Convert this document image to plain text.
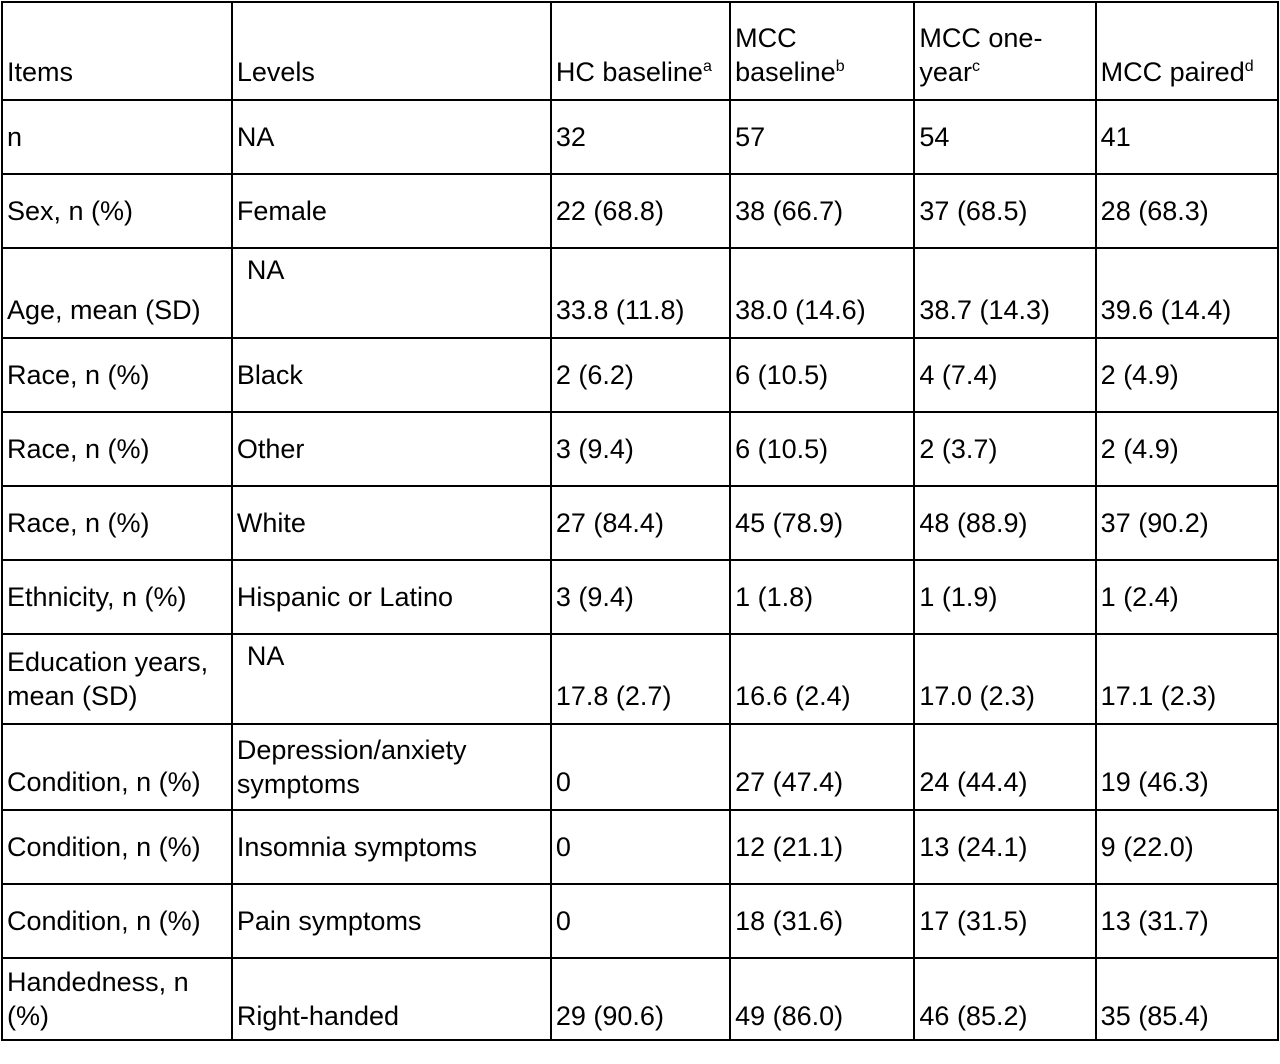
Items	Levels	HC baseline$^a$	MCC baseline$^b$	MCC one-year$^c$	MCC paired$^d$
n	NA	32	57	54	41
Sex, n (%)	Female	22 (68.8)	38 (66.7)	37 (68.5)	28 (68.3)
Age, mean (SD)	NA	33.8 (11.8)	38.0 (14.6)	38.7 (14.3)	39.6 (14.4)
Race, n (%)	Black	2 (6.2)	6 (10.5)	4 (7.4)	2 (4.9)
Race, n (%)	Other	3 (9.4)	6 (10.5)	2 (3.7)	2 (4.9)
Race, n (%)	White	27 (84.4)	45 (78.9)	48 (88.9)	37 (90.2)
Ethnicity, n (%)	Hispanic or Latino	3 (9.4)	1 (1.8)	1 (1.9)	1 (2.4)
Education years, mean (SD)	NA	17.8 (2.7)	16.6 (2.4)	17.0 (2.3)	17.1 (2.3)
Condition, n (%)	Depression/anxiety symptoms	0	27 (47.4)	24 (44.4)	19 (46.3)
Condition, n (%)	Insomnia symptoms	0	12 (21.1)	13 (24.1)	9 (22.0)
Condition, n (%)	Pain symptoms	0	18 (31.6)	17 (31.5)	13 (31.7)
Handedness, n (%)	Right-handed	29 (90.6)	49 (86.0)	46 (85.2)	35 (85.4)
